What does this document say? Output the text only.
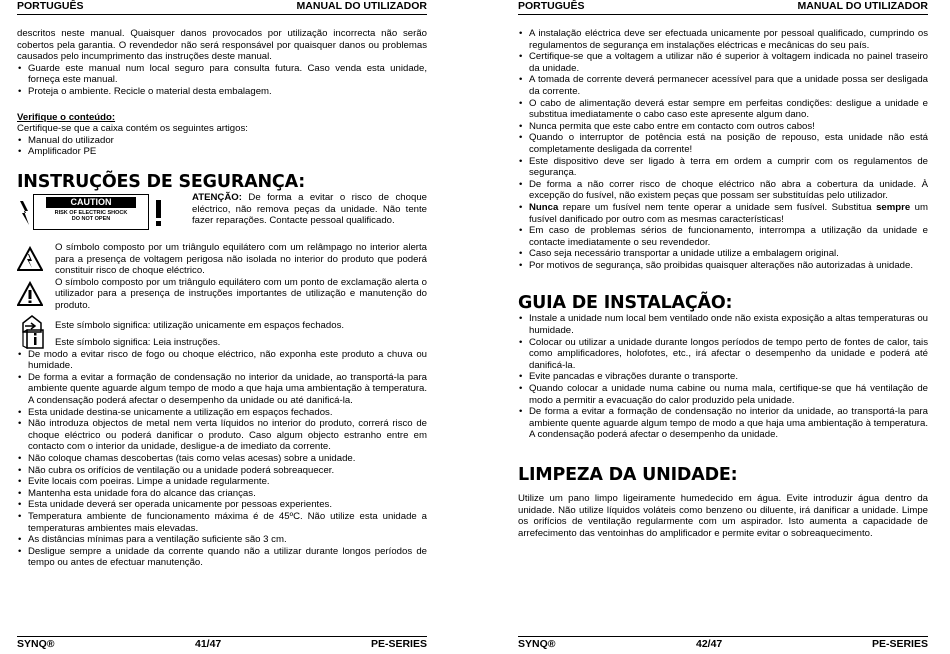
PORTUGUÊS	MANUAL DO UTILIZADOR

descritos neste manual. Quaisquer danos provocados por utilização incorrecta não serão cobertos pela garantia. O revendedor não será responsável por quaisquer danos ou problemas causados pelo incumprimento das instruções deste manual.

• Guarde este manual num local seguro para consulta futura. Caso venda esta unidade, forneça este manual.
• Proteja o ambiente. Recicle o material desta embalagem.

Verifique o conteúdo:

Certifique-se que a caixa contém os seguintes artigos:

• Manual do utilizador
• Amplificador PE
INSTRUÇÕES DE SEGURANÇA:
CAUTION
RISK OF ELECTRIC SHOCK
DO NOT OPEN

ATENÇÃO: De forma a evitar o risco de choque eléctrico, não remova peças da unidade. Não tente fazer reparações. Contacte pessoal qualificado.

O símbolo composto por um triângulo equilátero com um relâmpago no interior alerta para a presença de voltagem perigosa não isolada no interior do produto que poderá constituir risco de choque eléctrico.

O símbolo composto por um triângulo equilátero com um ponto de exclamação alerta o utilizador para a presença de instruções importantes de utilização e manutenção do produto.

Este símbolo significa: utilização unicamente em espaços fechados.

Este símbolo significa: Leia instruções.

• De modo a evitar risco de fogo ou choque eléctrico, não exponha este produto a chuva ou humidade.
• De forma a evitar a formação de condensação no interior da unidade, ao transportá-la para ambiente quente aguarde algum tempo de modo a que haja uma ambientação à temperatura. A condensação poderá afectar o desempenho da unidade ou até danificá-la.
• Esta unidade destina-se unicamente a utilização em espaços fechados.
• Não introduza objectos de metal nem verta líquidos no interior do produto, correrá risco de choque eléctrico ou poderá danificar o produto. Caso algum objecto estranho entre em contacto com o interior da unidade, desligue-a de imediato da corrente.
• Não coloque chamas descobertas (tais como velas acesas) sobre a unidade.
• Não cubra os orifícios de ventilação ou a unidade poderá sobreaquecer.
• Evite locais com poeiras. Limpe a unidade regularmente.
• Mantenha esta unidade fora do alcance das crianças.
• Esta unidade deverá ser operada unicamente por pessoas experientes.
• Temperatura ambiente de funcionamento máxima é de 45ºC. Não utilize esta unidade a temperaturas ambientes mais elevadas.
• As distâncias mínimas para a ventilação suficiente são 3 cm.
• Desligue sempre a unidade da corrente quando não a utilizar durante longos períodos de tempo ou antes de efectuar manutenção.
SYNQ®	41/47	PE-SERIES
PORTUGUÊS	MANUAL DO UTILIZADOR
• A instalação eléctrica deve ser efectuada unicamente por pessoal qualificado, cumprindo os regulamentos de segurança em instalações eléctricas e mecânicas do seu país.
• Certifique-se que a voltagem a utilizar não é superior à voltagem indicada no painel traseiro da unidade.
• A tomada de corrente deverá permanecer acessível para que a unidade possa ser desligada da corrente.
• O cabo de alimentação deverá estar sempre em perfeitas condições: desligue a unidade e substitua imediatamente o cabo caso este apresente algum dano.
• Nunca permita que este cabo entre em contacto com outros cabos!
• Quando o interruptor de potência está na posição de repouso, esta unidade não está completamente desligada da corrente!
• Este dispositivo deve ser ligado à terra em ordem a cumprir com os regulamentos de segurança.
• De forma a não correr risco de choque eléctrico não abra a cobertura da unidade. À excepção do fusível, não existem peças que possam ser substituídas pelo utilizador.
• Nunca repare um fusível nem tente operar a unidade sem fusível. Substitua sempre um fusível danificado por outro com as mesmas características!
• Em caso de problemas sérios de funcionamento, interrompa a utilização da unidade e contacte imediatamente o seu revendedor.
• Caso seja necessário transportar a unidade utilize a embalagem original.
• Por motivos de segurança, são proibidas quaisquer alterações não autorizadas à unidade.
GUIA DE INSTALAÇÃO:
• Instale a unidade num local bem ventilado onde não exista exposição a altas temperaturas ou humidade.
• Colocar ou utilizar a unidade durante longos períodos de tempo perto de fontes de calor, tais como amplificadores, holofotes, etc., irá afectar o desempenho da unidade e poderá até danificá-la.
• Evite pancadas e vibrações durante o transporte.
• Quando colocar a unidade numa cabine ou numa mala, certifique-se que há ventilação de modo a permitir a evacuação do calor produzido pela unidade.
• De forma a evitar a formação de condensação no interior da unidade, ao transportá-la para ambiente quente aguarde algum tempo de modo a que haja uma ambientação à temperatura. A condensação poderá afectar o desempenho da unidade.
LIMPEZA DA UNIDADE:

Utilize um pano limpo ligeiramente humedecido em água. Evite introduzir água dentro da unidade. Não utilize líquidos voláteis como benzeno ou diluente, irá danificar a unidade. Limpe os orifícios de ventilação regularmente com um aspirador. Isto aumenta a capacidade de arrefecimento das ventoinhas do amplificador e permite evitar o sobreaquecimento.

SYNQ®	42/47	PE-SERIES
